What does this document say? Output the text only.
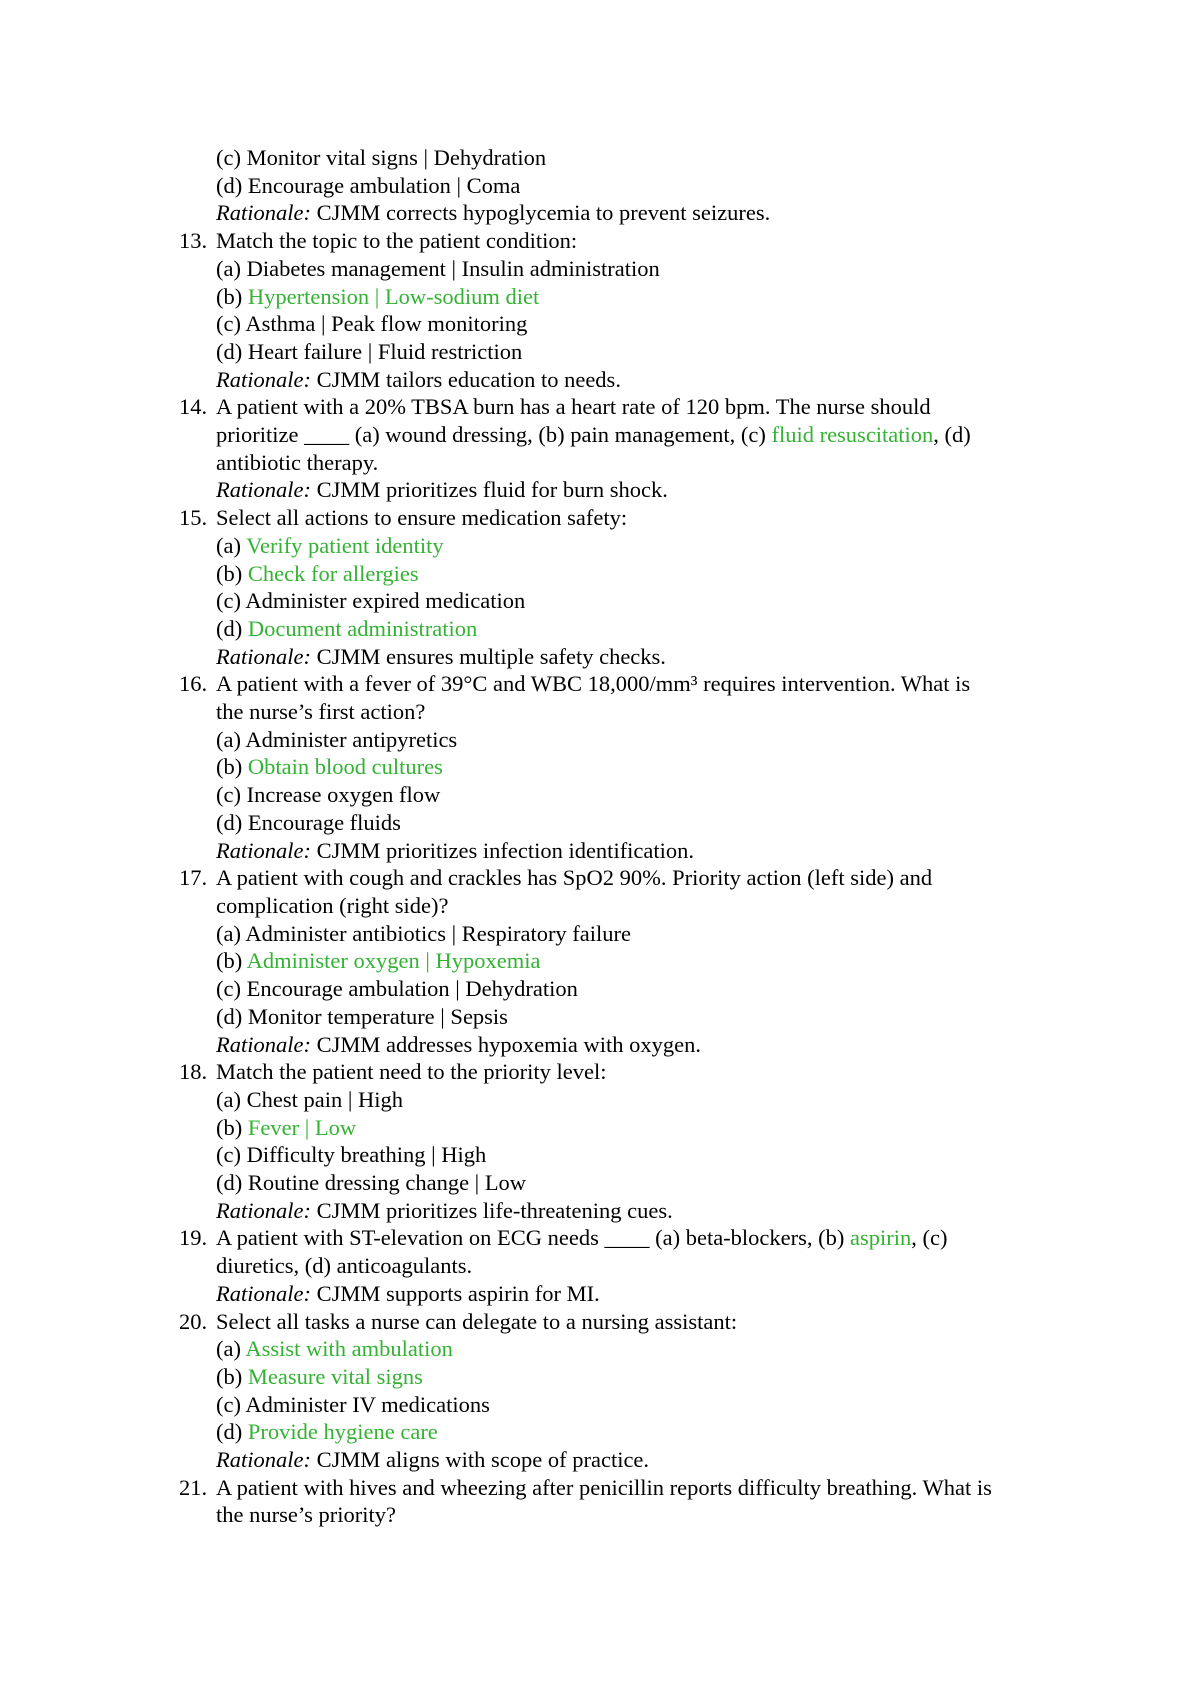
(c) Monitor vital signs | Dehydration
(d) Encourage ambulation | Coma
Rationale: CJMM corrects hypoglycemia to prevent seizures.
13. Match the topic to the patient condition:
(a) Diabetes management | Insulin administration
(b) Hypertension | Low-sodium diet
(c) Asthma | Peak flow monitoring
(d) Heart failure | Fluid restriction
Rationale: CJMM tailors education to needs.
14. A patient with a 20% TBSA burn has a heart rate of 120 bpm. The nurse should
prioritize ____ (a) wound dressing, (b) pain management, (c) fluid resuscitation, (d)
antibiotic therapy.
Rationale: CJMM prioritizes fluid for burn shock.
15. Select all actions to ensure medication safety:
(a) Verify patient identity
(b) Check for allergies
(c) Administer expired medication
(d) Document administration
Rationale: CJMM ensures multiple safety checks.
16. A patient with a fever of 39°C and WBC 18,000/mm³ requires intervention. What is
the nurse’s first action?
(a) Administer antipyretics
(b) Obtain blood cultures
(c) Increase oxygen flow
(d) Encourage fluids
Rationale: CJMM prioritizes infection identification.
17. A patient with cough and crackles has SpO2 90%. Priority action (left side) and
complication (right side)?
(a) Administer antibiotics | Respiratory failure
(b) Administer oxygen | Hypoxemia
(c) Encourage ambulation | Dehydration
(d) Monitor temperature | Sepsis
Rationale: CJMM addresses hypoxemia with oxygen.
18. Match the patient need to the priority level:
(a) Chest pain | High
(b) Fever | Low
(c) Difficulty breathing | High
(d) Routine dressing change | Low
Rationale: CJMM prioritizes life-threatening cues.
19. A patient with ST-elevation on ECG needs ____ (a) beta-blockers, (b) aspirin, (c)
diuretics, (d) anticoagulants.
Rationale: CJMM supports aspirin for MI.
20. Select all tasks a nurse can delegate to a nursing assistant:
(a) Assist with ambulation
(b) Measure vital signs
(c) Administer IV medications
(d) Provide hygiene care
Rationale: CJMM aligns with scope of practice.
21. A patient with hives and wheezing after penicillin reports difficulty breathing. What is
the nurse’s priority?
